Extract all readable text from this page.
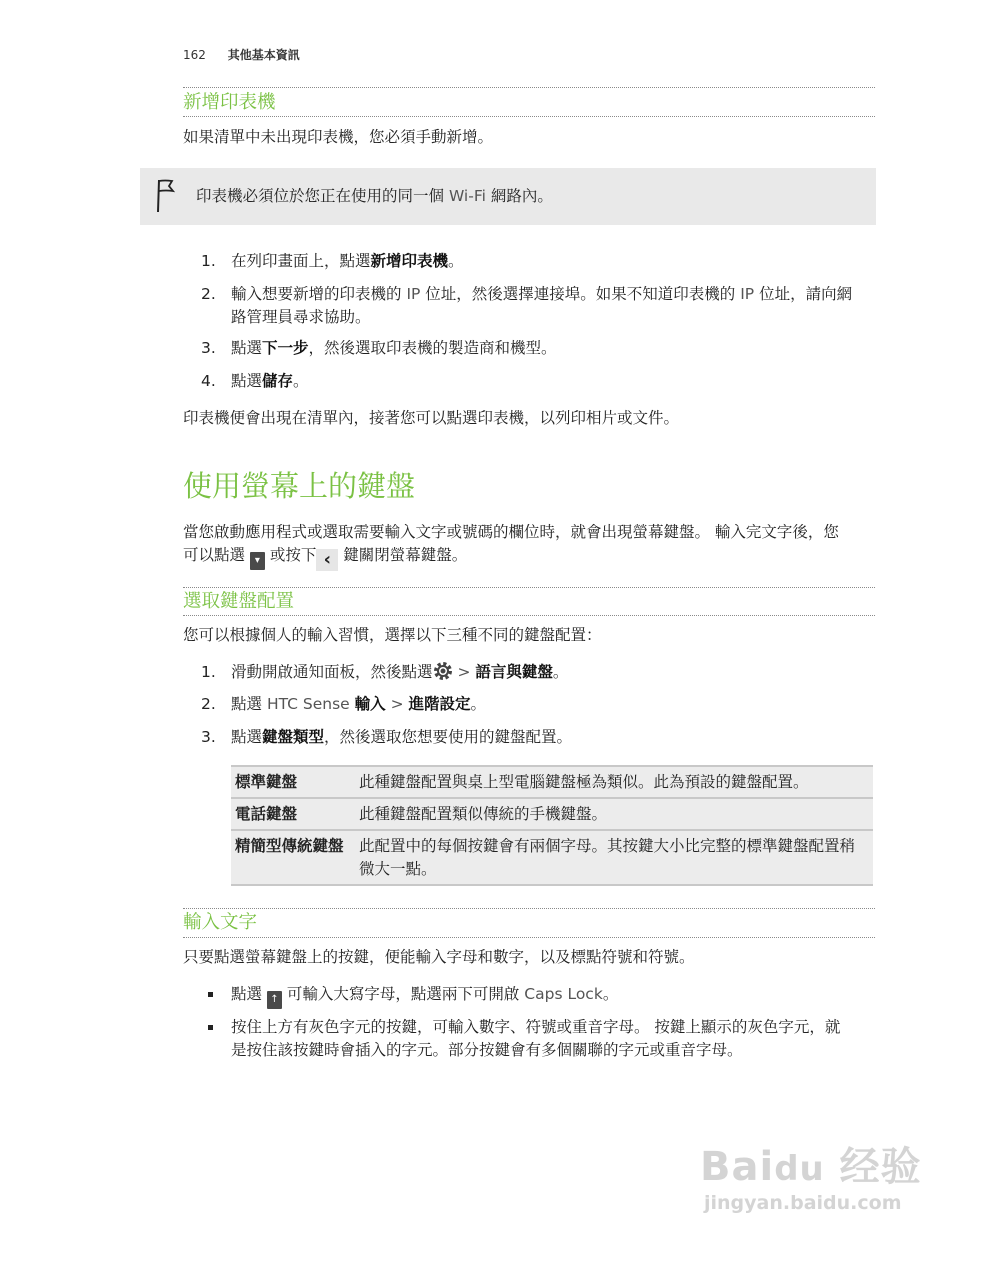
162 其他基本資訊
新增印表機
如果清單中未出現印表機，您必須手動新增。
印表機必須位於您正在使用的同一個 Wi-Fi 網路內。
1. 在列印畫面上，點選新增印表機。
2. 輸入想要新增的印表機的 IP 位址，然後選擇連接埠。如果不知道印表機的 IP 位址，請向網
路管理員尋求協助。
3. 點選下一步，然後選取印表機的製造商和機型。
4. 點選儲存。
印表機便會出現在清單內，接著您可以點選印表機，以列印相片或文件。
使用螢幕上的鍵盤
當您啟動應用程式或選取需要輸入文字或號碼的欄位時，就會出現螢幕鍵盤。 輸入完文字後，您
可以點選 ▾ 或按下 ‹ 鍵關閉螢幕鍵盤。
選取鍵盤配置
您可以根據個人的輸入習慣，選擇以下三種不同的鍵盤配置：
1. 滑動開啟通知面板，然後點選 > 語言與鍵盤。
2. 點選 HTC Sense 輸入 > 進階設定。
3. 點選鍵盤類型，然後選取您想要使用的鍵盤配置。
標準鍵盤	此種鍵盤配置與桌上型電腦鍵盤極為類似。此為預設的鍵盤配置。
電話鍵盤	此種鍵盤配置類似傳統的手機鍵盤。
精簡型傳統鍵盤	此配置中的每個按鍵會有兩個字母。其按鍵大小比完整的標準鍵盤配置稍微大一點。
輸入文字
只要點選螢幕鍵盤上的按鍵，便能輸入字母和數字，以及標點符號和符號。
點選 ↑ 可輸入大寫字母，點選兩下可開啟 Caps Lock。
按住上方有灰色字元的按鍵，可輸入數字、符號或重音字母。 按鍵上顯示的灰色字元，就
是按住該按鍵時會插入的字元。部分按鍵會有多個關聯的字元或重音字母。
Baidu 经验
jingyan.baidu.com
